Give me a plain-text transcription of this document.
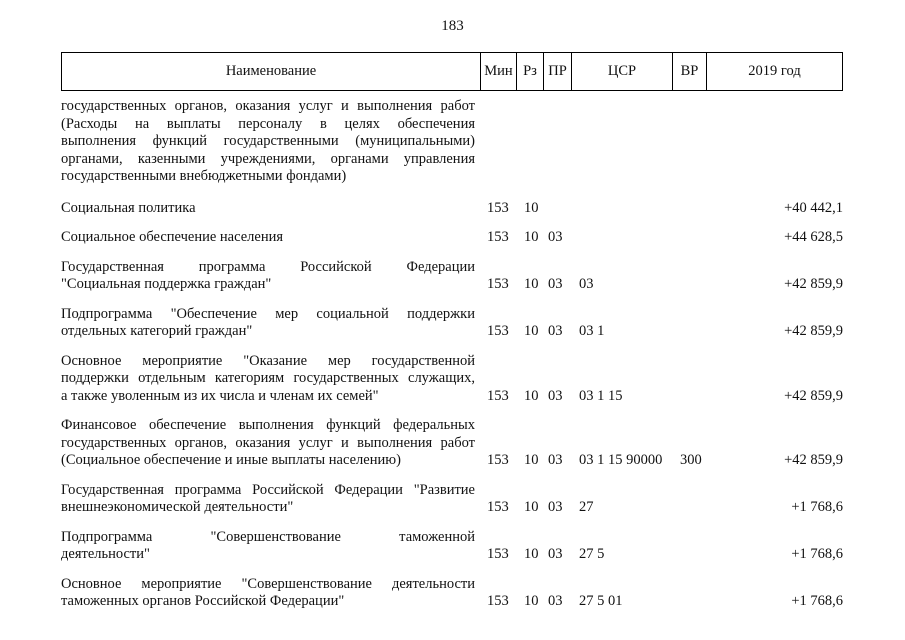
183
Наименование	Мин Рз ПР	ЦСР	ВР	2019 год
государственных органов, оказания услуг и выполнения работ
(Расходы на выплаты персоналу в целях обеспечения
выполнения функций государственными (муниципальными)
органами, казенными учреждениями, органами управления
государственными внебюджетными фондами)
Социальная политика	153	10	+40 442,1
Социальное обеспечение населения	153	10 03	+44 628,5
Государственная программа Российской Федерации
"Социальная поддержка граждан"	153	10 03	03	+42 859,9
Подпрограмма "Обеспечение мер социальной поддержки
отдельных категорий граждан"	153	10 03	03 1	+42 859,9
Основное мероприятие "Оказание мер государственной
поддержки отдельным категориям государственных служащих,
а также уволенным из их числа и членам их семей"	153	10 03	03 1 15	+42 859,9
Финансовое обеспечение выполнения функций федеральных
государственных органов, оказания услуг и выполнения работ
(Социальное обеспечение и иные выплаты населению)	153	10 03	03 1 15 90000	300	+42 859,9
Государственная программа Российской Федерации "Развитие
внешнеэкономической деятельности"	153	10 03	27	+1 768,6
Подпрограмма "Совершенствование таможенной
деятельности"	153	10 03	27 5	+1 768,6
Основное мероприятие "Совершенствование деятельности
таможенных органов Российской Федерации"	153	10 03	27 5 01	+1 768,6
